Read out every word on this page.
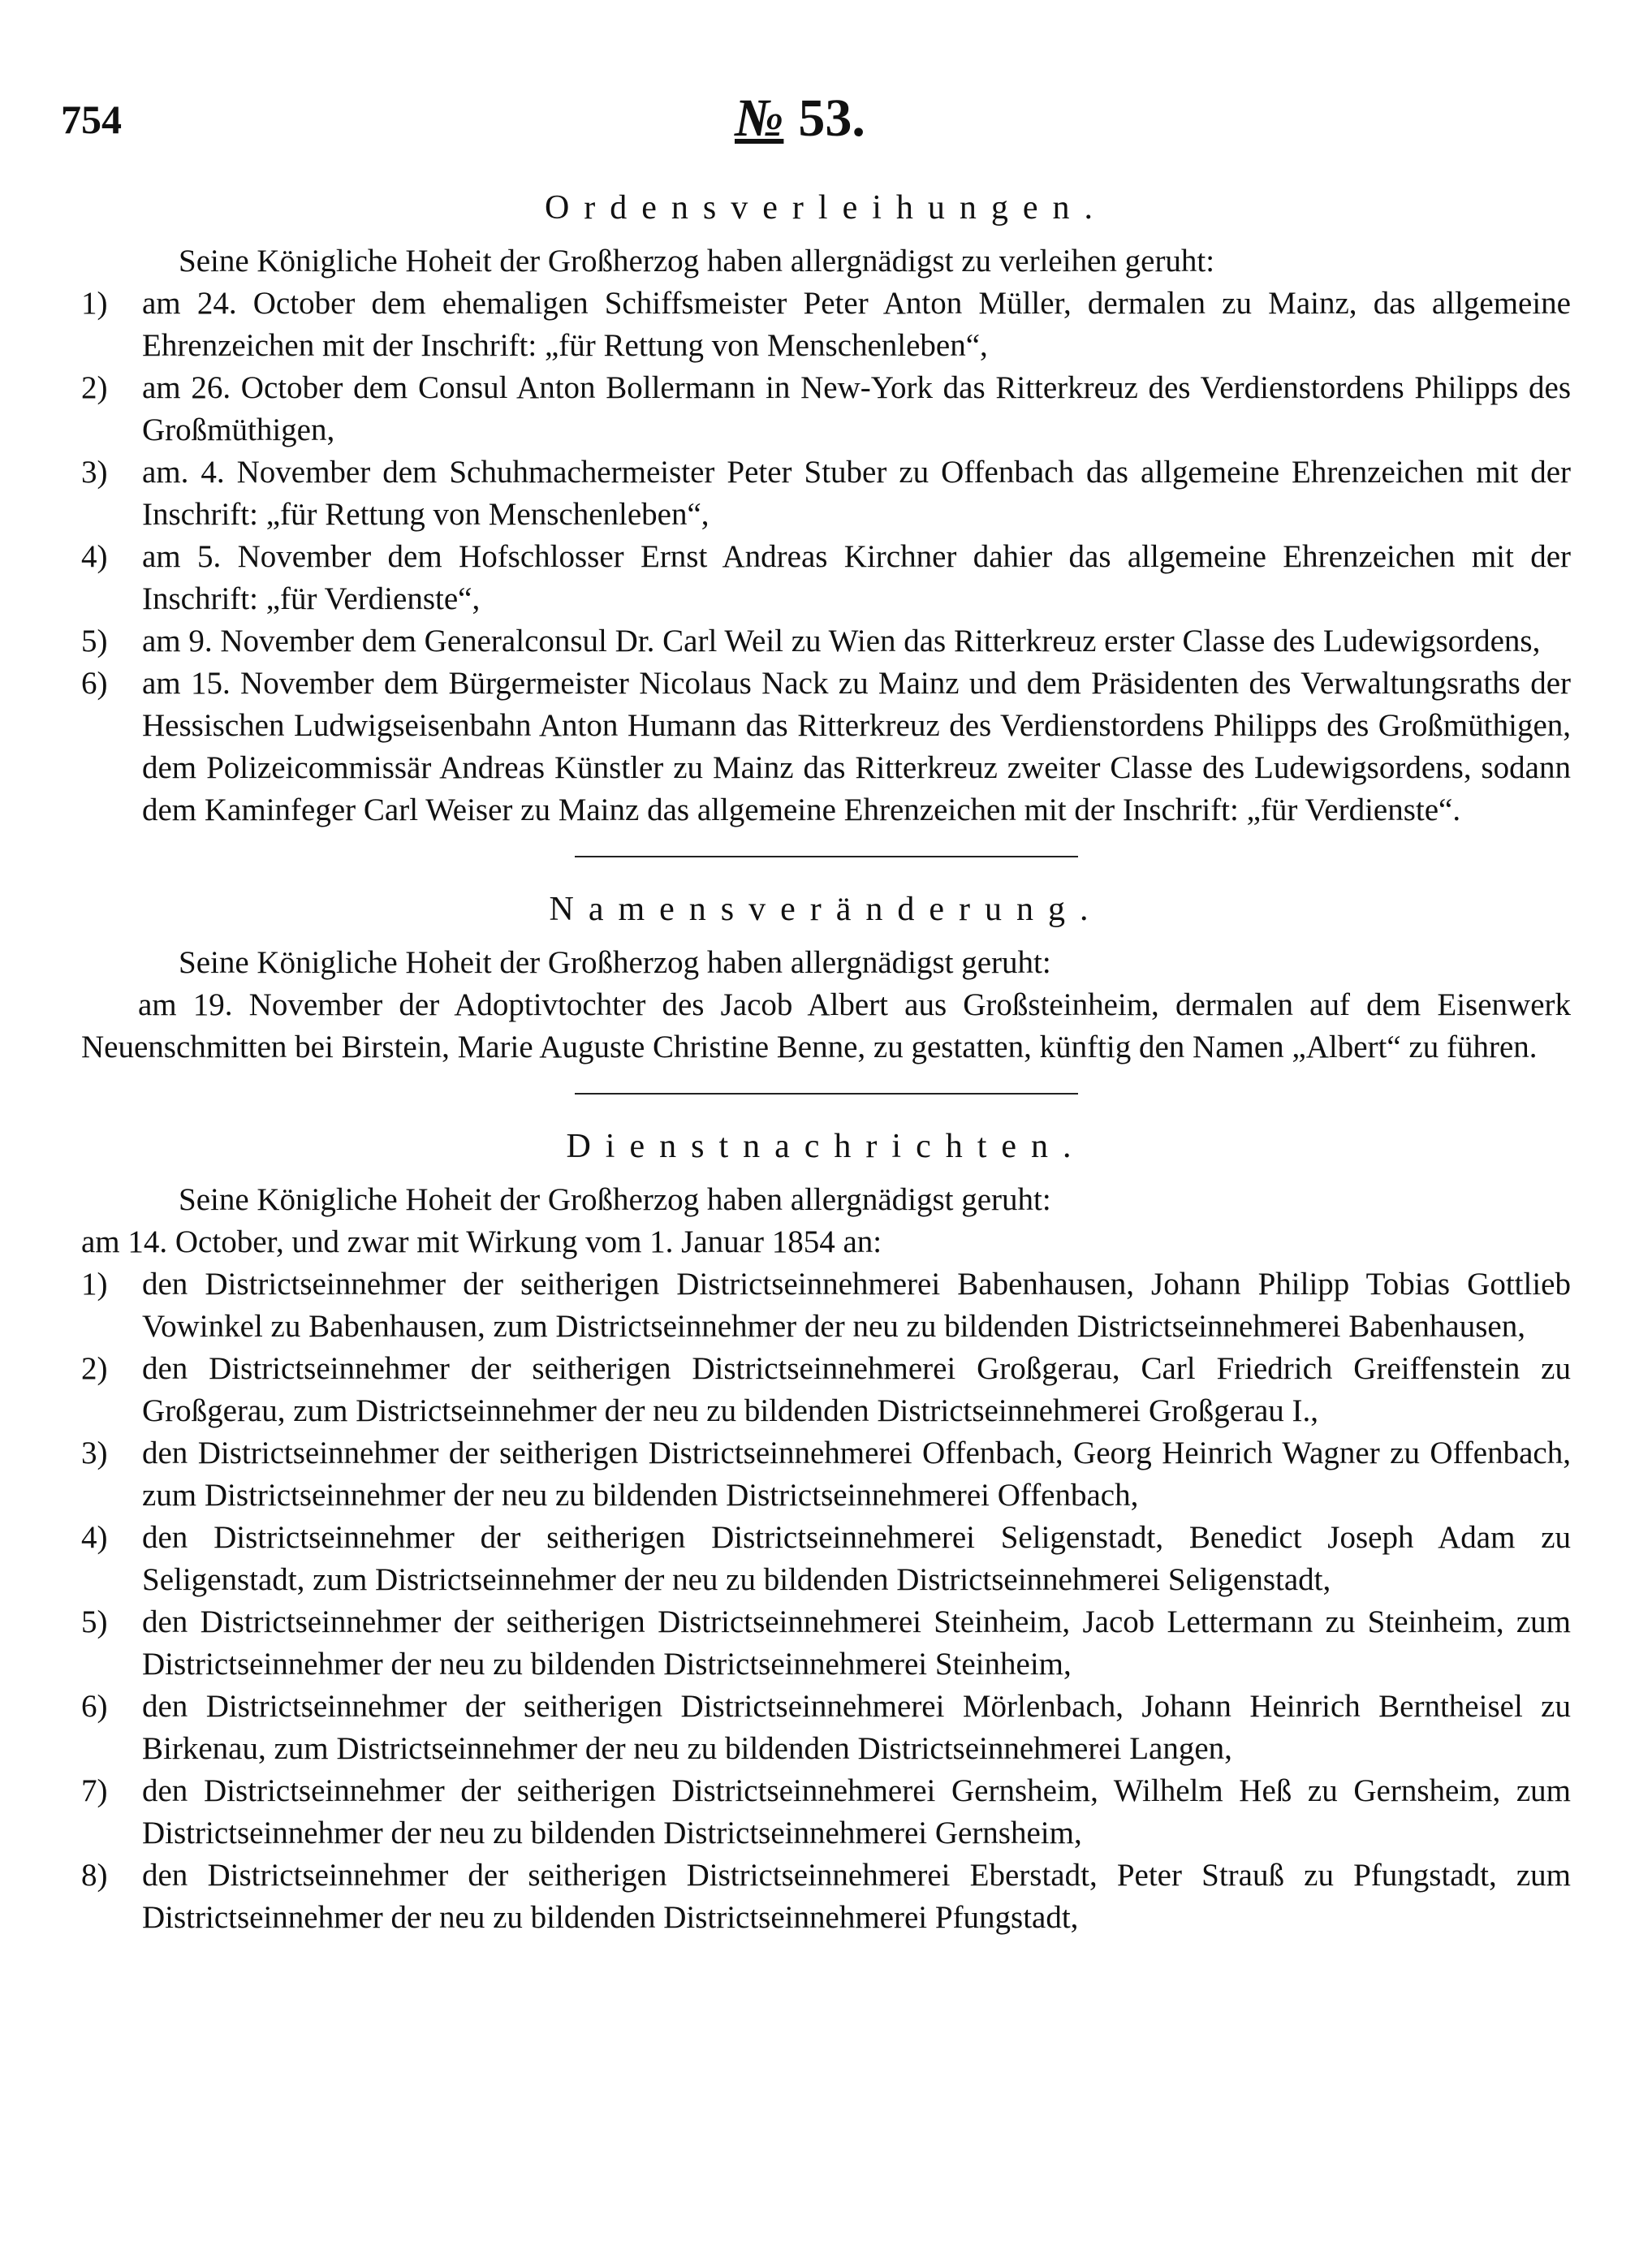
754	№ 53.
Ordensverleihungen.
Seine Königliche Hoheit der Großherzog haben allergnädigst zu verleihen geruht:
1)	am 24. October dem ehemaligen Schiffsmeister Peter Anton Müller, dermalen zu Mainz, das allgemeine Ehrenzeichen mit der Inschrift: „für Rettung von Menschenleben“,
2)	am 26. October dem Consul Anton Bollermann in New-York das Ritterkreuz des Verdienstordens Philipps des Großmüthigen,
3)	am. 4. November dem Schuhmachermeister Peter Stuber zu Offenbach das allgemeine Ehrenzeichen mit der Inschrift: „für Rettung von Menschenleben“,
4)	am 5. November dem Hofschlosser Ernst Andreas Kirchner dahier das allgemeine Ehrenzeichen mit der Inschrift: „für Verdienste“,
5)	am 9. November dem Generalconsul Dr. Carl Weil zu Wien das Ritterkreuz erster Classe des Ludewigsordens,
6)	am 15. November dem Bürgermeister Nicolaus Nack zu Mainz und dem Präsidenten des Verwaltungsraths der Hessischen Ludwigseisenbahn Anton Humann das Ritterkreuz des Verdienstordens Philipps des Großmüthigen, dem Polizeicommissär Andreas Künstler zu Mainz das Ritterkreuz zweiter Classe des Ludewigsordens, sodann dem Kaminfeger Carl Weiser zu Mainz das allgemeine Ehrenzeichen mit der Inschrift: „für Verdienste“.
Namensveränderung.
Seine Königliche Hoheit der Großherzog haben allergnädigst geruht:
am 19. November der Adoptivtochter des Jacob Albert aus Großsteinheim, dermalen auf dem Eisenwerk Neuenschmitten bei Birstein, Marie Auguste Christine Benne, zu gestatten, künftig den Namen „Albert“ zu führen.
Dienstnachrichten.
Seine Königliche Hoheit der Großherzog haben allergnädigst geruht:
am 14. October, und zwar mit Wirkung vom 1. Januar 1854 an:
1)	den Districtseinnehmer der seitherigen Districtseinnehmerei Babenhausen, Johann Philipp Tobias Gottlieb Vowinkel zu Babenhausen, zum Districtseinnehmer der neu zu bildenden Districtseinnehmerei Babenhausen,
2)	den Districtseinnehmer der seitherigen Districtseinnehmerei Großgerau, Carl Friedrich Greiffenstein zu Großgerau, zum Districtseinnehmer der neu zu bildenden Districtseinnehmerei Großgerau I.,
3)	den Districtseinnehmer der seitherigen Districtseinnehmerei Offenbach, Georg Heinrich Wagner zu Offenbach, zum Districtseinnehmer der neu zu bildenden Districtseinnehmerei Offenbach,
4)	den Districtseinnehmer der seitherigen Districtseinnehmerei Seligenstadt, Benedict Joseph Adam zu Seligenstadt, zum Districtseinnehmer der neu zu bildenden Districtseinnehmerei Seligenstadt,
5)	den Districtseinnehmer der seitherigen Districtseinnehmerei Steinheim, Jacob Lettermann zu Steinheim, zum Districtseinnehmer der neu zu bildenden Districtseinnehmerei Steinheim,
6)	den Districtseinnehmer der seitherigen Districtseinnehmerei Mörlenbach, Johann Heinrich Berntheisel zu Birkenau, zum Districtseinnehmer der neu zu bildenden Districtseinnehmerei Langen,
7)	den Districtseinnehmer der seitherigen Districtseinnehmerei Gernsheim, Wilhelm Heß zu Gernsheim, zum Districtseinnehmer der neu zu bildenden Districtseinnehmerei Gernsheim,
8)	den Districtseinnehmer der seitherigen Districtseinnehmerei Eberstadt, Peter Strauß zu Pfungstadt, zum Districtseinnehmer der neu zu bildenden Districtseinnehmerei Pfungstadt,
